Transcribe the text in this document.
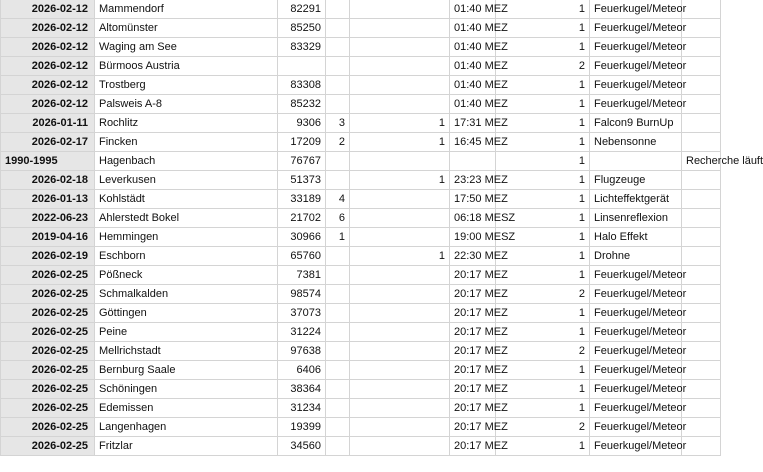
2026-02-12	Mammendorf	82291			01:40 MEZ	1	Feuerkugel/Meteor		
2026-02-12	Altomünster	85250			01:40 MEZ	1	Feuerkugel/Meteor		
2026-02-12	Waging am See	83329			01:40 MEZ	1	Feuerkugel/Meteor		
2026-02-12	Bürmoos Austria				01:40 MEZ	2	Feuerkugel/Meteor		
2026-02-12	Trostberg	83308			01:40 MEZ	1	Feuerkugel/Meteor		
2026-02-12	Palsweis A-8	85232			01:40 MEZ	1	Feuerkugel/Meteor		
2026-01-11	Rochlitz	9306	3	1	17:31 MEZ	1	Falcon9 BurnUp		
2026-02-17	Fincken	17209	2	1	16:45 MEZ	1	Nebensonne		
1990-1995	Hagenbach	76767				1		Recherche läuft	
2026-02-18	Leverkusen	51373		1	23:23 MEZ	1	Flugzeuge		
2026-01-13	Kohlstädt	33189	4		17:50 MEZ	1	Lichteffektgerät		
2022-06-23	Ahlerstedt Bokel	21702	6		06:18 MESZ	1	Linsenreflexion		
2019-04-16	Hemmingen	30966	1		19:00 MESZ	1	Halo Effekt		
2026-02-19	Eschborn	65760		1	22:30 MEZ	1	Drohne		
2026-02-25	Pößneck	7381			20:17 MEZ	1	Feuerkugel/Meteor		
2026-02-25	Schmalkalden	98574			20:17 MEZ	2	Feuerkugel/Meteor		
2026-02-25	Göttingen	37073			20:17 MEZ	1	Feuerkugel/Meteor		
2026-02-25	Peine	31224			20:17 MEZ	1	Feuerkugel/Meteor		
2026-02-25	Mellrichstadt	97638			20:17 MEZ	2	Feuerkugel/Meteor		
2026-02-25	Bernburg Saale	6406			20:17 MEZ	1	Feuerkugel/Meteor		
2026-02-25	Schöningen	38364			20:17 MEZ	1	Feuerkugel/Meteor		
2026-02-25	Edemissen	31234			20:17 MEZ	1	Feuerkugel/Meteor		
2026-02-25	Langenhagen	19399			20:17 MEZ	2	Feuerkugel/Meteor		
2026-02-25	Fritzlar	34560			20:17 MEZ	1	Feuerkugel/Meteor		
